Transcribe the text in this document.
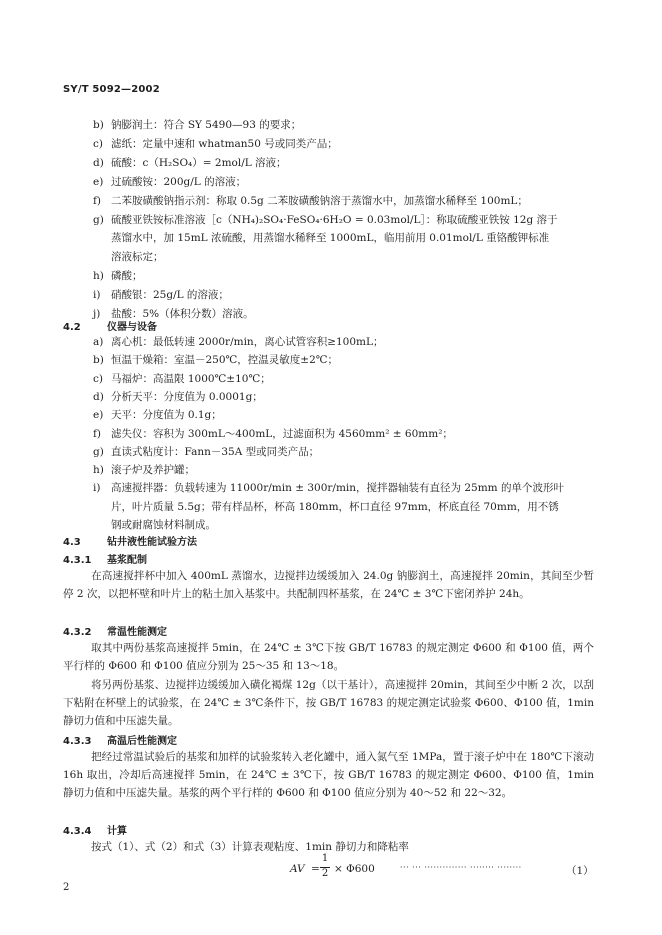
SY/T 5092—2002
b) 钠膨润土：符合 SY 5490—93 的要求；
c) 滤纸：定量中速和 whatman50 号或同类产品；
d) 硫酸：c（H₂SO₄）= 2mol/L 溶液；
e) 过硫酸铵：200g/L 的溶液；
f) 二苯胺磺酸钠指示剂：称取 0.5g 二苯胺磺酸钠溶于蒸馏水中，加蒸馏水稀释至 100mL；
g) 硫酸亚铁铵标准溶液［c（NH₄)₂SO₄·FeSO₄·6H₂O = 0.03mol/L］：称取硫酸亚铁铵 12g 溶于
蒸馏水中，加 15mL 浓硫酸，用蒸馏水稀释至 1000mL，临用前用 0.01mol/L 重铬酸钾标准
溶液标定；
h) 磷酸；
i) 硝酸银：25g/L 的溶液；
j) 盐酸：5%（体积分数）溶液。
4.2	仪器与设备
a) 离心机：最低转速 2000r/min，离心试管容积≥100mL；
b) 恒温干燥箱：室温－250℃，控温灵敏度±2℃；
c) 马福炉：高温限 1000℃±10℃；
d) 分析天平：分度值为 0.0001g；
e) 天平：分度值为 0.1g；
f) 滤失仪：容积为 300mL～400mL，过滤面积为 4560mm² ± 60mm²；
g) 直读式粘度计：Fann－35A 型或同类产品；
h) 滚子炉及养护罐；
i) 高速搅拌器：负载转速为 11000r/min ± 300r/min，搅拌器轴装有直径为 25mm 的单个波形叶
片，叶片质量 5.5g；带有样品杯，杯高 180mm，杯口直径 97mm，杯底直径 70mm，用不锈
钢或耐腐蚀材料制成。
4.3	钻井液性能试验方法
4.3.1 基浆配制
在高速搅拌杯中加入 400mL 蒸馏水，边搅拌边缓缓加入 24.0g 钠膨润土，高速搅拌 20min，其间至少暂停 2 次，以把杯壁和叶片上的粘土加入基浆中。共配制四杯基浆，在 24℃ ± 3℃下密闭养护 24h。
4.3.2 常温性能测定
取其中两份基浆高速搅拌 5min，在 24℃ ± 3℃下按 GB/T 16783 的规定测定 Φ600 和 Φ100 值，两个平行样的 Φ600 和 Φ100 值应分别为 25～35 和 13～18。
将另两份基浆、边搅拌边缓缓加入磺化褐煤 12g（以干基计），高速搅拌 20min，其间至少中断 2 次，以刮下粘附在杯壁上的试验浆，在 24℃ ± 3℃条件下，按 GB/T 16783 的规定测定试验浆 Φ600、Φ100 值，1min 静切力值和中压滤失量。
4.3.3 高温后性能测定
把经过常温试验后的基浆和加样的试验浆转入老化罐中，通入氮气至 1MPa，置于滚子炉中在 180℃下滚动 16h 取出，冷却后高速搅拌 5min，在 24℃ ± 3℃下，按 GB/T 16783 的规定测定 Φ600、Φ100 值，1min 静切力值和中压滤失量。基浆的两个平行样的 Φ600 和 Φ100 值应分别为 40～52 和 22～32。
4.3.4 计算
按式（1）、式（2）和式（3）计算表观粘度、1min 静切力和降粘率
AV =
1
2 × Φ600	··· ··· ·············· ········ ········	（1）
2
